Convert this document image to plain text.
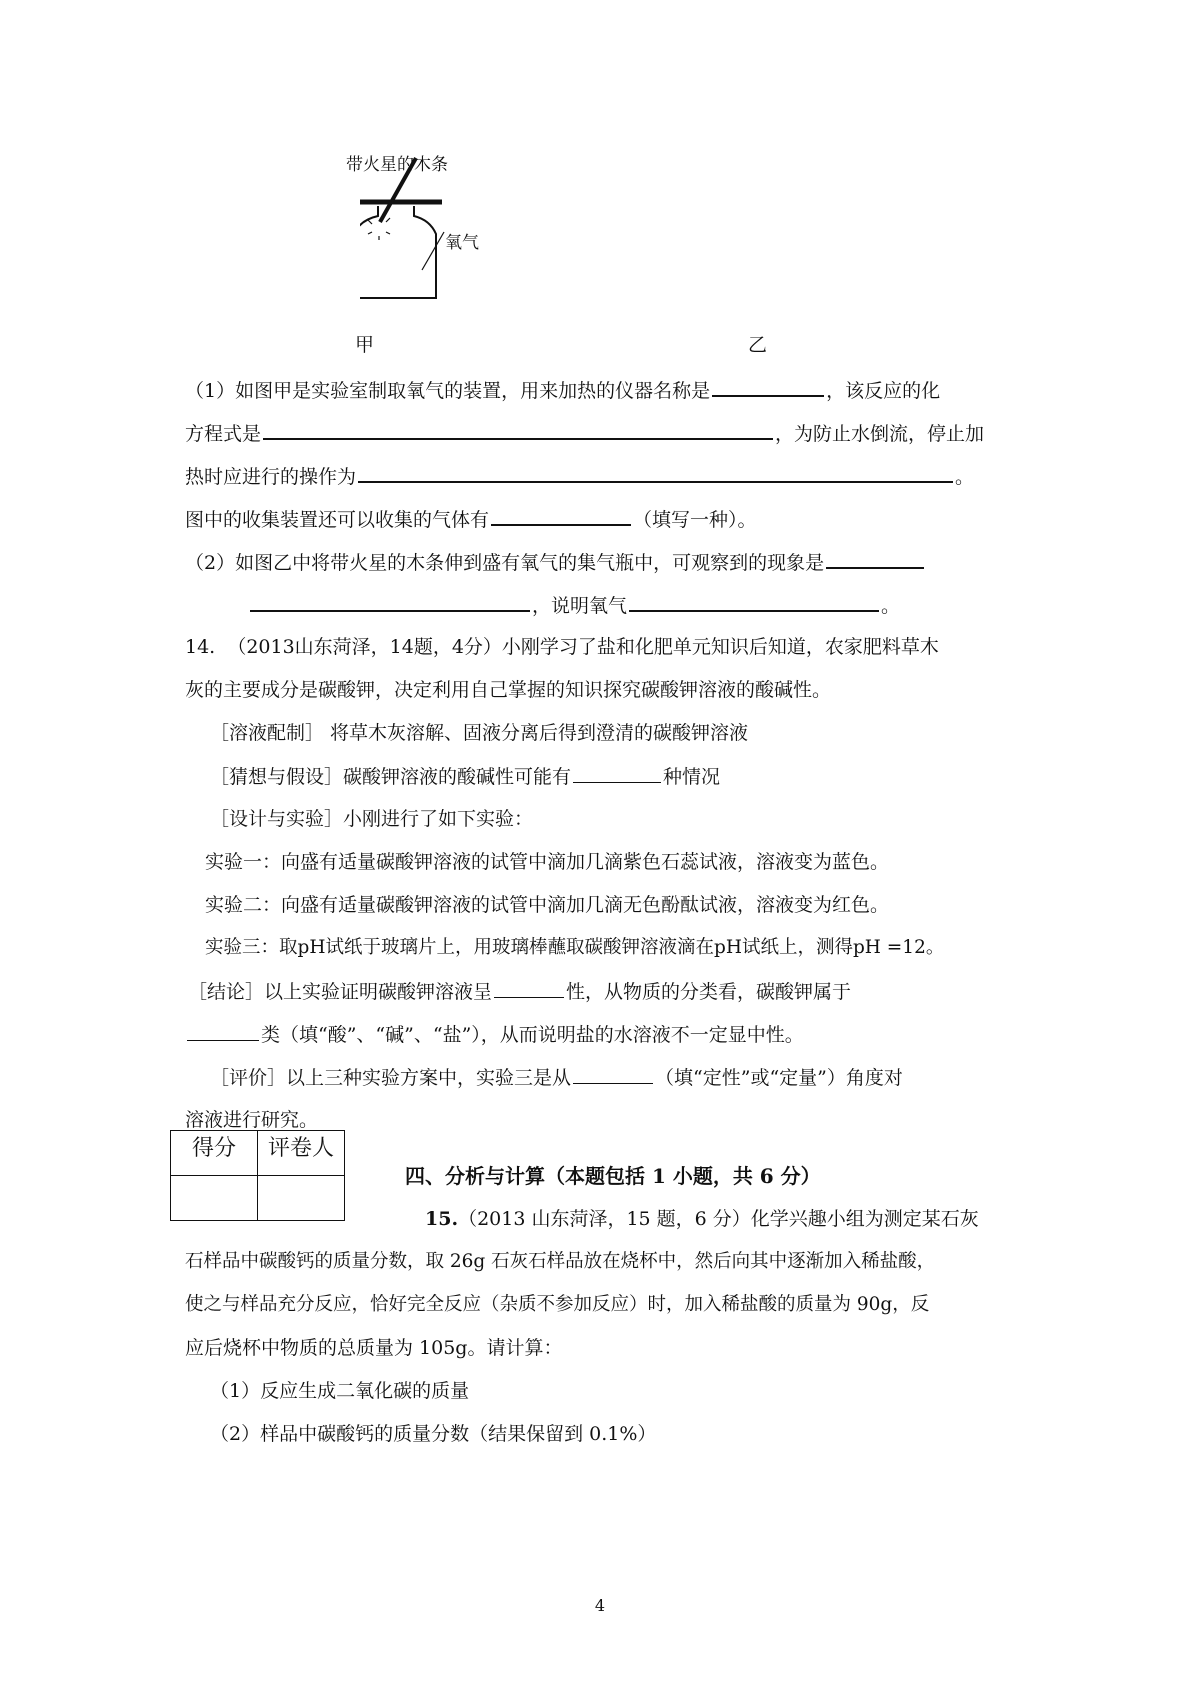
带火星的木条
氧气
甲	乙
（1）如图甲是实验室制取氧气的装置，用来加热的仪器名称是	，该反应的化
方程式是	，为防止水倒流，停止加
热时应进行的操作为	。
图中的收集装置还可以收集的气体有	（填写一种）。
（2）如图乙中将带火星的木条伸到盛有氧气的集气瓶中，可观察到的现象是
，说明氧气	。
14. （2013山东菏泽，14题，4分）小刚学习了盐和化肥单元知识后知道，农家肥料草木
灰的主要成分是碳酸钾，决定利用自己掌握的知识探究碳酸钾溶液的酸碱性。
［溶液配制］ 将草木灰溶解、固液分离后得到澄清的碳酸钾溶液
［猜想与假设］碳酸钾溶液的酸碱性可能有	种情况
［设计与实验］小刚进行了如下实验：
实验一：向盛有适量碳酸钾溶液的试管中滴加几滴紫色石蕊试液，溶液变为蓝色。
实验二：向盛有适量碳酸钾溶液的试管中滴加几滴无色酚酞试液，溶液变为红色。
实验三：取pH试纸于玻璃片上，用玻璃棒蘸取碳酸钾溶液滴在pH试纸上，测得pH =12。
［结论］以上实验证明碳酸钾溶液呈	性，从物质的分类看，碳酸钾属于
类（填“酸”、“碱”、“盐”），从而说明盐的水溶液不一定显中性。
［评价］以上三种实验方案中，实验三是从	（填“定性”或“定量”）角度对
溶液进行研究。
得分	评卷人

四、分析与计算（本题包括 1 小题，共 6 分）
15.（2013 山东菏泽，15 题，6 分）化学兴趣小组为测定某石灰
石样品中碳酸钙的质量分数，取 26g 石灰石样品放在烧杯中，然后向其中逐渐加入稀盐酸，
使之与样品充分反应，恰好完全反应（杂质不参加反应）时，加入稀盐酸的质量为 90g，反
应后烧杯中物质的总质量为 105g。请计算：
（1）反应生成二氧化碳的质量
（2）样品中碳酸钙的质量分数（结果保留到 0.1%）
4
